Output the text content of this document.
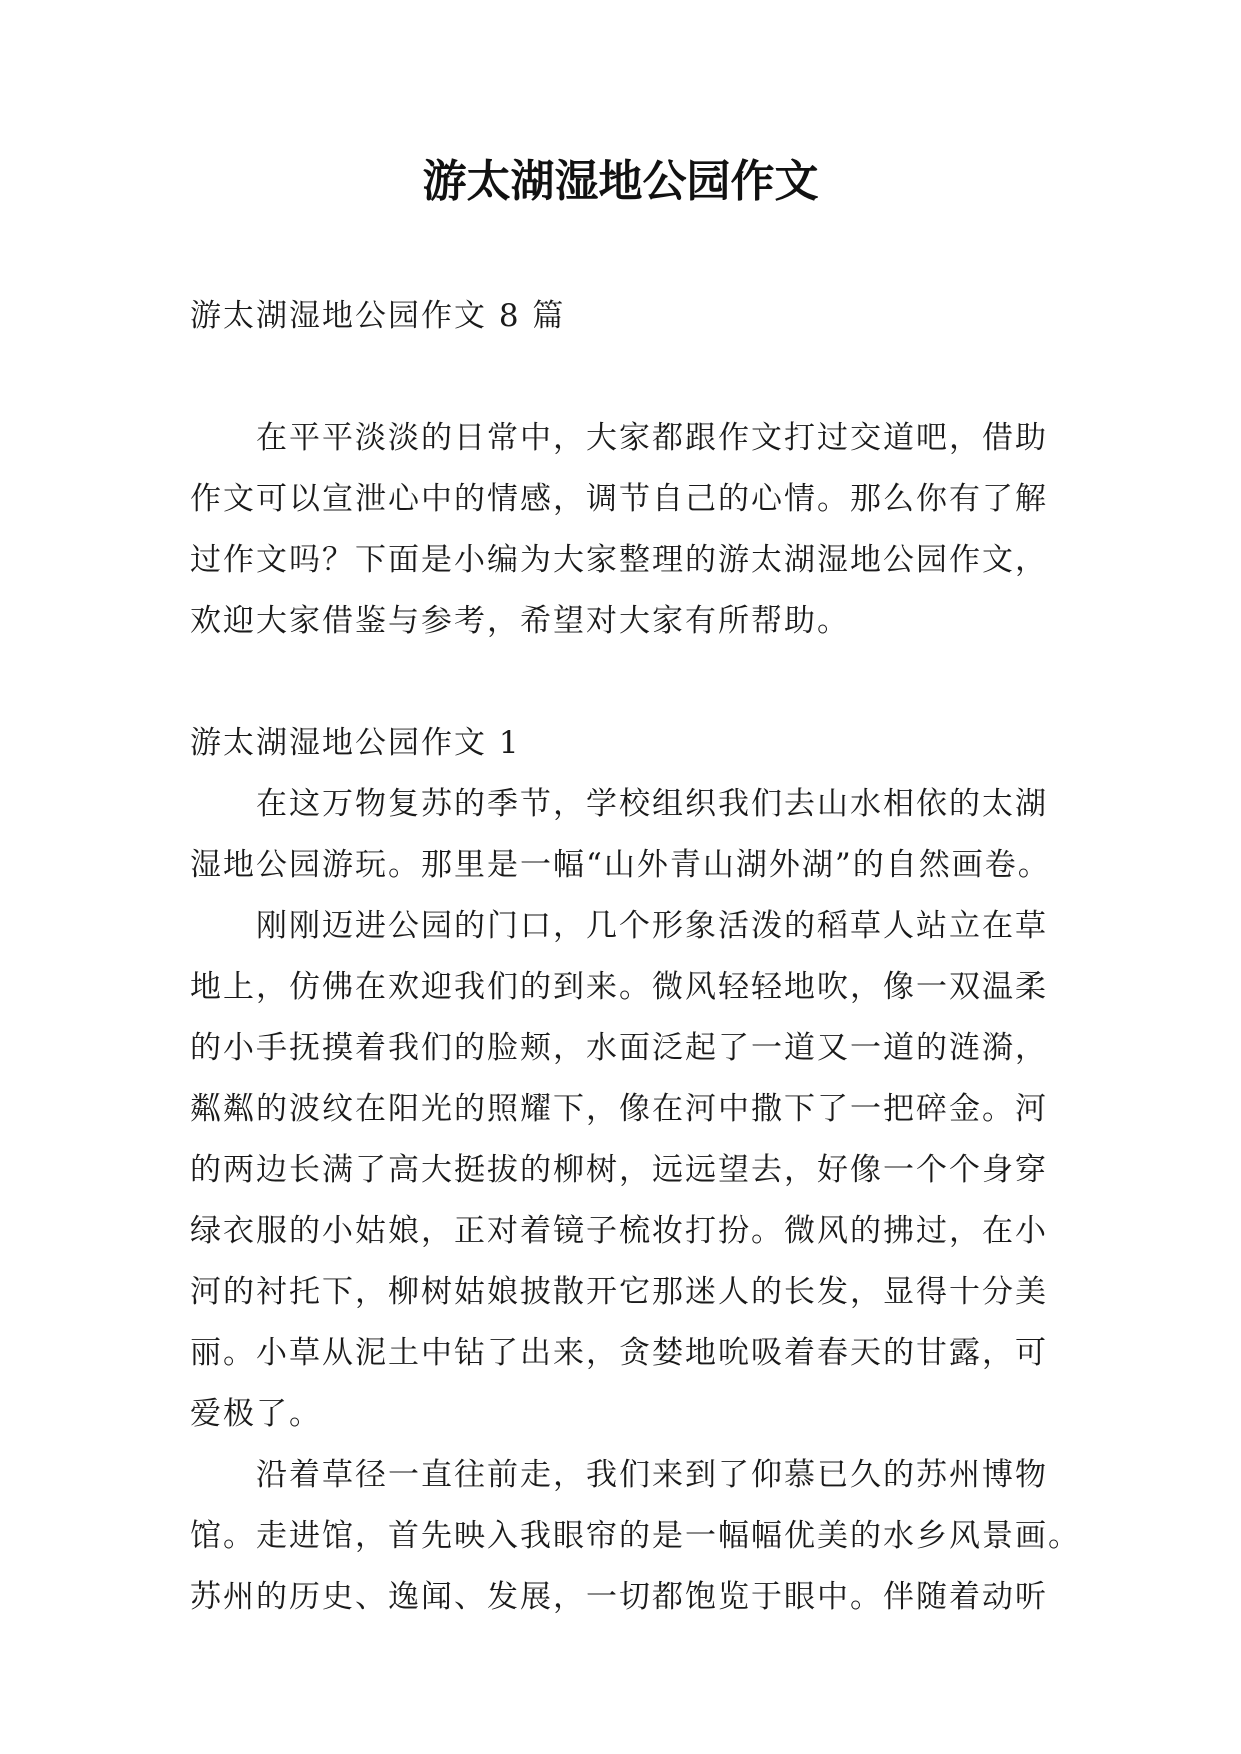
游太湖湿地公园作文
游太湖湿地公园作文 8 篇
在平平淡淡的日常中，大家都跟作文打过交道吧，借助
作文可以宣泄心中的情感，调节自己的心情。那么你有了解
过作文吗？下面是小编为大家整理的游太湖湿地公园作文，
欢迎大家借鉴与参考，希望对大家有所帮助。
游太湖湿地公园作文 1
在这万物复苏的季节，学校组织我们去山水相依的太湖
湿地公园游玩。那里是一幅“山外青山湖外湖”的自然画卷。
刚刚迈进公园的门口，几个形象活泼的稻草人站立在草
地上，仿佛在欢迎我们的到来。微风轻轻地吹，像一双温柔
的小手抚摸着我们的脸颊，水面泛起了一道又一道的涟漪，
粼粼的波纹在阳光的照耀下，像在河中撒下了一把碎金。河
的两边长满了高大挺拔的柳树，远远望去，好像一个个身穿
绿衣服的小姑娘，正对着镜子梳妆打扮。微风的拂过，在小
河的衬托下，柳树姑娘披散开它那迷人的长发，显得十分美
丽。小草从泥土中钻了出来，贪婪地吮吸着春天的甘露，可
爱极了。
沿着草径一直往前走，我们来到了仰慕已久的苏州博物
馆。走进馆，首先映入我眼帘的是一幅幅优美的水乡风景画。
苏州的历史、逸闻、发展，一切都饱览于眼中。伴随着动听
